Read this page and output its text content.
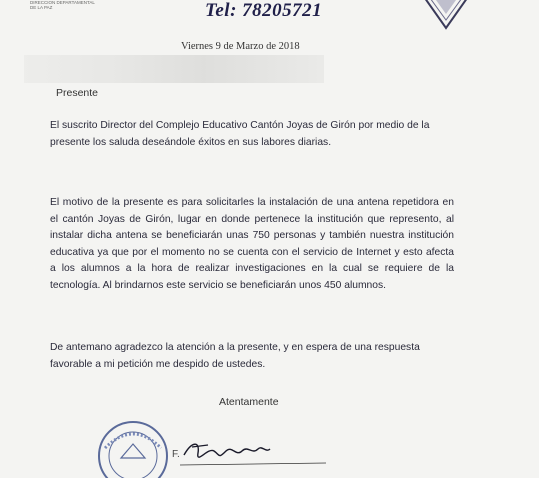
DIRECCION DEPARTAMENTAL
DE LA PAZ	Tel: 78205721
Viernes 9 de Marzo de 2018
Presente

El suscrito Director del Complejo Educativo Cantón Joyas de Girón por medio de la presente los saluda deseándole éxitos en sus labores diarias.

El motivo de la presente es para solicitarles la instalación de una antena repetidora en el cantón Joyas de Girón, lugar en donde pertenece la institución que represento, al instalar dicha antena se beneficiarán unas 750 personas y también nuestra institución educativa ya que por el momento no se cuenta con el servicio de Internet y esto afecta a los alumnos a la hora de realizar investigaciones en la cual se requiere de la tecnología. Al brindarnos este servicio se beneficiarán unos 450 alumnos.

De antemano agradezco la atención a la presente, y en espera de una respuesta favorable a mi petición me despido de ustedes.

Atentamente
F.
